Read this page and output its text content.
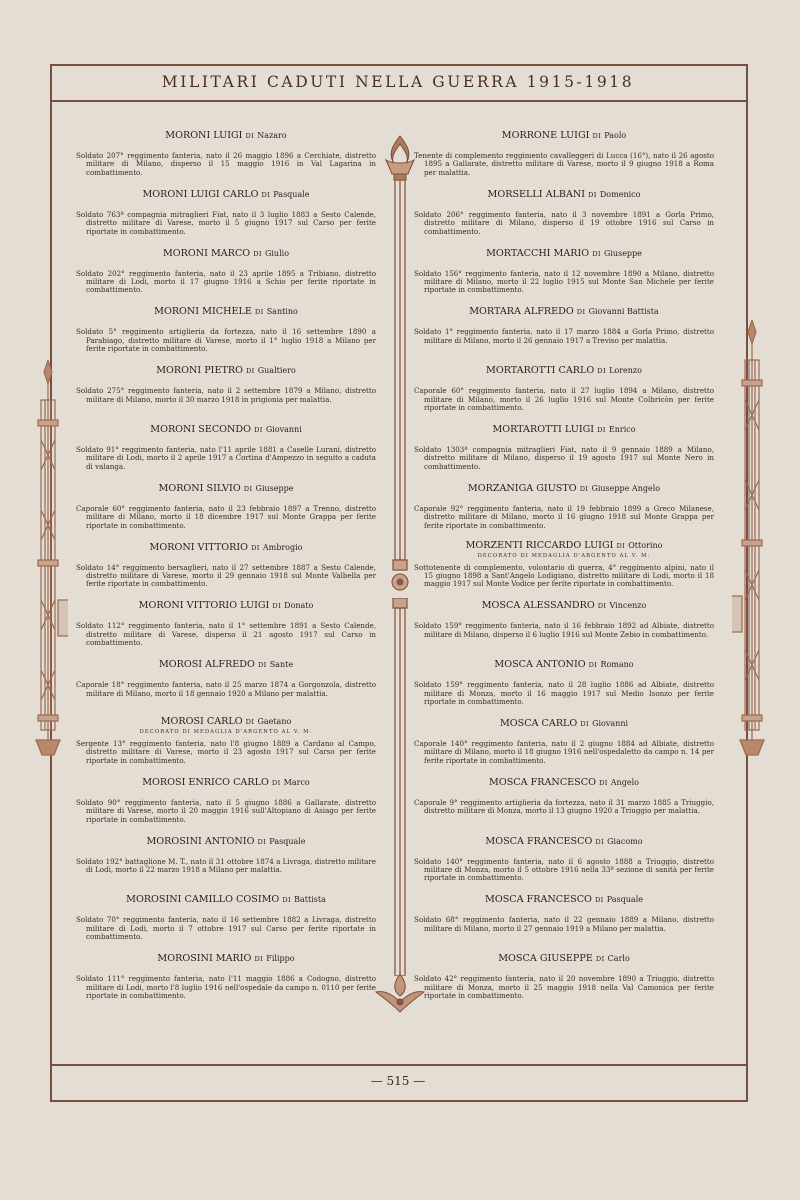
MILITARI CADUTI NELLA GUERRA 1915-1918
— 515 —
MORONI LUIGI DI Nazaro
Soldato 207° reggimento fanteria, nato il 26 maggio 1896 a Cerchiate, distretto militare di Milano, disperso il 15 maggio 1916 in Val Lagarina in combattimento.
MORONI LUIGI CARLO DI Pasquale
Soldato 763ª compagnia mitraglieri Fiat, nato il 3 luglio 1883 a Sesto Calende, distretto militare di Varese, morto il 5 giugno 1917 sul Carso per ferite riportate in combattimento.
MORONI MARCO DI Giulio
Soldato 202° reggimento fanteria, nato il 23 aprile 1895 a Tribiano, distretto militare di Lodi, morto il 17 giugno 1916 a Schio per ferite riportate in combattimento.
MORONI MICHELE DI Santino
Soldato 5° reggimento artiglieria da fortezza, nato il 16 settembre 1890 a Parabiago, distretto militare di Varese, morto il 1° luglio 1918 a Milano per ferite riportate in combattimento.
MORONI PIETRO DI Gualtiero
Soldato 275° reggimento fanteria, nato il 2 settembre 1879 a Milano, distretto militare di Milano, morto il 30 marzo 1918 in prigionia per malattia.
MORONI SECONDO DI Giovanni
Soldato 91° reggimento fanteria, nato l'11 aprile 1881 a Caselle Lurani, distretto militare di Lodi, morto il 2 aprile 1917 a Cortina d'Ampezzo in seguito a caduta di valanga.
MORONI SILVIO DI Giuseppe
Caporale 60° reggimento fanteria, nato il 23 febbraio 1897 a Trenno, distretto militare di Milano, morto il 18 dicembre 1917 sul Monte Grappa per ferite riportate in combattimento.
MORONI VITTORIO DI Ambrogio
Soldato 14° reggimento bersaglieri, nato il 27 settembre 1887 a Sesto Calende, distretto militare di Varese, morto il 29 gennaio 1918 sul Monte Valbella per ferite riportate in combattimento.
MORONI VITTORIO LUIGI DI Donato
Soldato 112° reggimento fanteria, nato il 1° settembre 1891 a Sesto Calende, distretto militare di Varese, disperso il 21 agosto 1917 sul Carso in combattimento.
MOROSI ALFREDO DI Sante
Caporale 18° reggimento fanteria, nato il 25 marzo 1874 a Gorgonzola, distretto militare di Milano, morto il 18 gennaio 1920 a Milano per malattia.
MOROSI CARLO DI Gaetano
DECORATO DI MEDAGLIA D'ARGENTO AL V. M.
Sergente 13° reggimento fanteria, nato l'8 giugno 1889 a Cardano al Campo, distretto militare di Varese, morto il 23 agosto 1917 sul Carso per ferite riportate in combattimento.
MOROSI ENRICO CARLO DI Marco
Soldato 90° reggimento fanteria, nato il 5 giugno 1886 a Gallarate, distretto militare di Varese, morto il 20 maggio 1916 sull'Altopiano di Asiago per ferite riportate in combattimento.
MOROSINI ANTONIO DI Pasquale
Soldato 192° battaglione M. T., nato il 31 ottobre 1874 a Livraga, distretto militare di Lodi, morto il 22 marzo 1918 a Milano per malattia.
MOROSINI CAMILLO COSIMO DI Battista
Soldato 70° reggimento fanteria, nato il 16 settembre 1882 a Livraga, distretto militare di Lodi, morto il 7 ottobre 1917 sul Carso per ferite riportate in combattimento.
MOROSINI MARIO DI Filippo
Soldato 111° reggimento fanteria, nato l'11 maggio 1886 a Codogno, distretto militare di Lodi, morto l'8 luglio 1916 nell'ospedale da campo n. 0110 per ferite riportate in combattimento.
MORRONE LUIGI DI Paolo
Tenente di complemento reggimento cavalleggeri di Lucca (16°), nato il 26 agosto 1895 a Gallarate, distretto militare di Varese, morto il 9 giugno 1918 a Roma per malattia.
MORSELLI ALBANI DI Domenico
Soldato 206° reggimento fanteria, nato il 3 novembre 1891 a Gorla Primo, distretto militare di Milano, disperso il 19 ottobre 1916 sul Carso in combattimento.
MORTACCHI MARIO DI Giuseppe
Soldato 156° reggimento fanteria, nato il 12 novembre 1890 a Milano, distretto militare di Milano, morto il 22 luglio 1915 sul Monte San Michele per ferite riportate in combattimento.
MORTARA ALFREDO DI Giovanni Battista
Soldato 1° reggimento fanteria, nato il 17 marzo 1884 a Gorla Primo, distretto militare di Milano, morto il 26 gennaio 1917 a Treviso per malattia.
MORTAROTTI CARLO DI Lorenzo
Caporale 60° reggimento fanteria, nato il 27 luglio 1894 a Milano, distretto militare di Milano, morto il 26 luglio 1916 sul Monte Colbricòn per ferite riportate in combattimento.
MORTAROTTI LUIGI DI Enrico
Soldato 1303ª compagnia mitraglieri Fiat, nato il 9 gennaio 1889 a Milano, distretto militare di Milano, disperso il 19 agosto 1917 sul Monte Nero in combattimento.
MORZANIGA GIUSTO DI Giuseppe Angelo
Caporale 92° reggimento fanteria, nato il 19 febbraio 1899 a Greco Milanese, distretto militare di Milano, morto il 16 giugno 1918 sul Monte Grappa per ferite riportate in combattimento.
MORZENTI RICCARDO LUIGI DI Ottorino
DECORATO DI MEDAGLIA D'ARGENTO AL V. M.
Sottotenente di complemento, volontario di guerra, 4° reggimento alpini, nato il 15 giugno 1898 a Sant'Angelo Lodigiano, distretto militare di Lodi, morto il 18 maggio 1917 sul Monte Vodice per ferite riportate in combattimento.
MOSCA ALESSANDRO DI Vincenzo
Soldato 159° reggimento fanteria, nato il 16 febbraio 1892 ad Albiate, distretto militare di Milano, disperso il 6 luglio 1916 sul Monte Zebio in combattimento.
MOSCA ANTONIO DI Romano
Soldato 159° reggimento fanteria, nato il 28 luglio 1886 ad Albiate, distretto militare di Monza, morto il 16 maggio 1917 sul Medio Isonzo per ferite riportate in combattimento.
MOSCA CARLO DI Giovanni
Caporale 140° reggimento fanteria, nato il 2 giugno 1884 ad Albiate, distretto militare di Milano, morto il 18 giugno 1916 nell'ospedaletto da campo n. 14 per ferite riportate in combattimento.
MOSCA FRANCESCO DI Angelo
Caporale 9° reggimento artiglieria da fortezza, nato il 31 marzo 1885 a Triuggio, distretto militare di Monza, morto il 13 giugno 1920 a Triuggio per malattia.
MOSCA FRANCESCO DI Giacomo
Soldato 140° reggimento fanteria, nato il 6 agosto 1888 a Triuggio, distretto militare di Monza, morto il 5 ottobre 1916 nella 33ª sezione di sanità per ferite riportate in combattimento.
MOSCA FRANCESCO DI Pasquale
Soldato 68° reggimento fanteria, nato il 22 gennaio 1889 a Milano, distretto militare di Milano, morto il 27 gennaio 1919 a Milano per malattia.
MOSCA GIUSEPPE DI Carlo
Soldato 42° reggimento fanteria, nato il 20 novembre 1890 a Triuggio, distretto militare di Monza, morto il 25 maggio 1918 nella Val Camonica per ferite riportate in combattimento.
